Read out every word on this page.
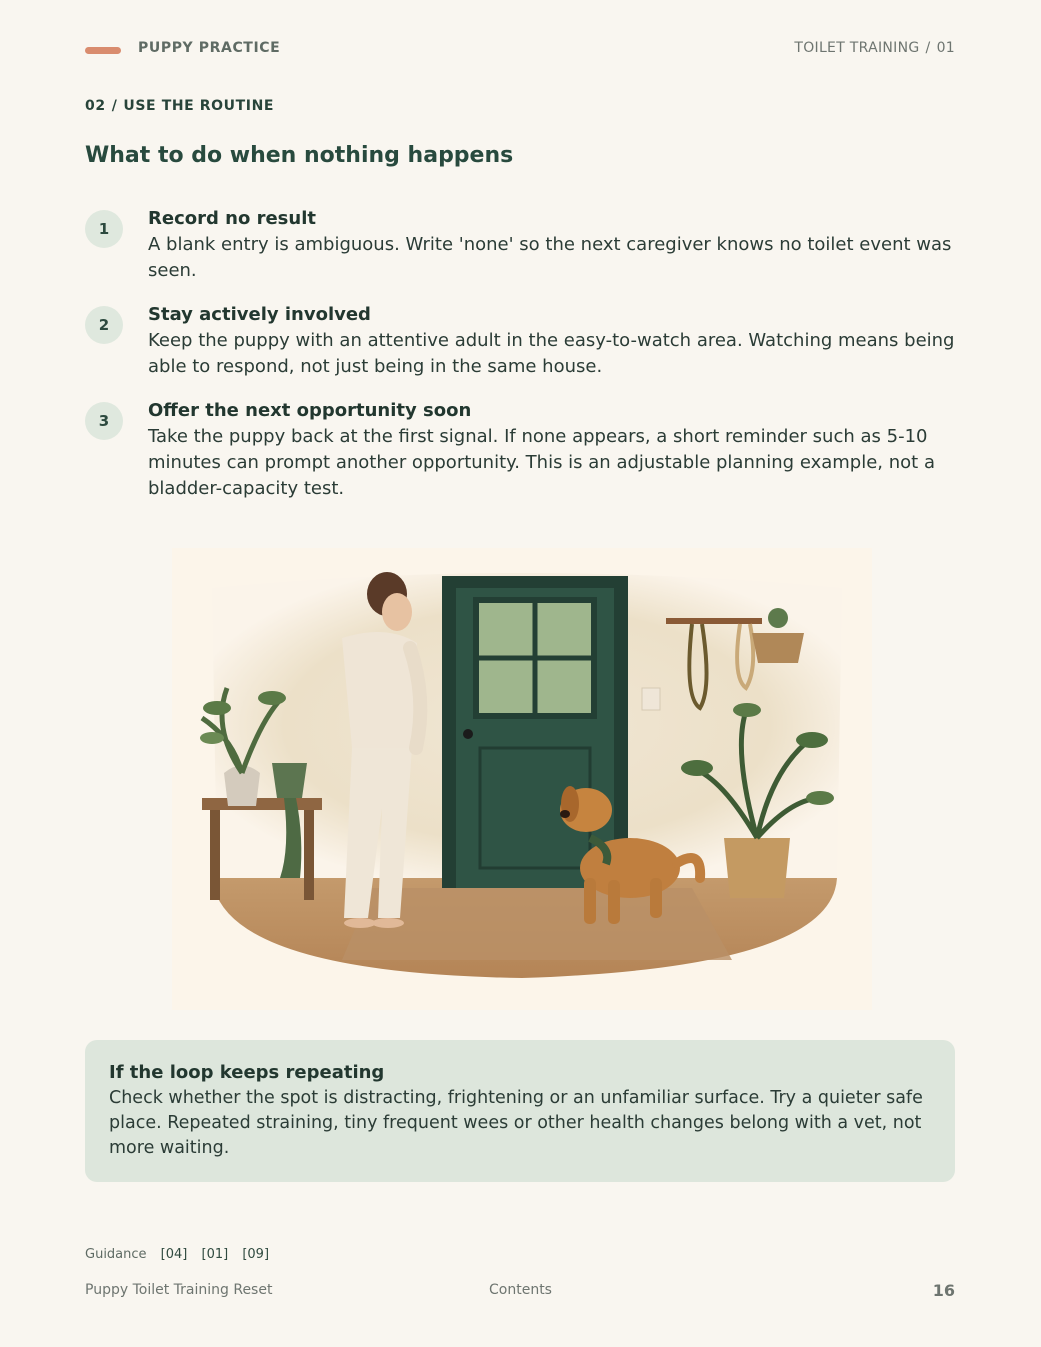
PUPPY PRACTICE	TOILET TRAINING / 01
02 / USE THE ROUTINE
What to do when nothing happens
1	Record no result
A blank entry is ambiguous. Write 'none' so the next caregiver knows no toilet event was seen.
2	Stay actively involved
Keep the puppy with an attentive adult in the easy-to-watch area. Watching means being able to respond, not just being in the same house.
3	Offer the next opportunity soon
Take the puppy back at the first signal. If none appears, a short reminder such as 5-10 minutes can prompt another opportunity. This is an adjustable planning example, not a bladder-capacity test.
If the loop keeps repeating
Check whether the spot is distracting, frightening or an unfamiliar surface. Try a quieter safe place. Repeated straining, tiny frequent wees or other health changes belong with a vet, not more waiting.
Guidance [04] [01] [09]
Puppy Toilet Training Reset	Contents	16
